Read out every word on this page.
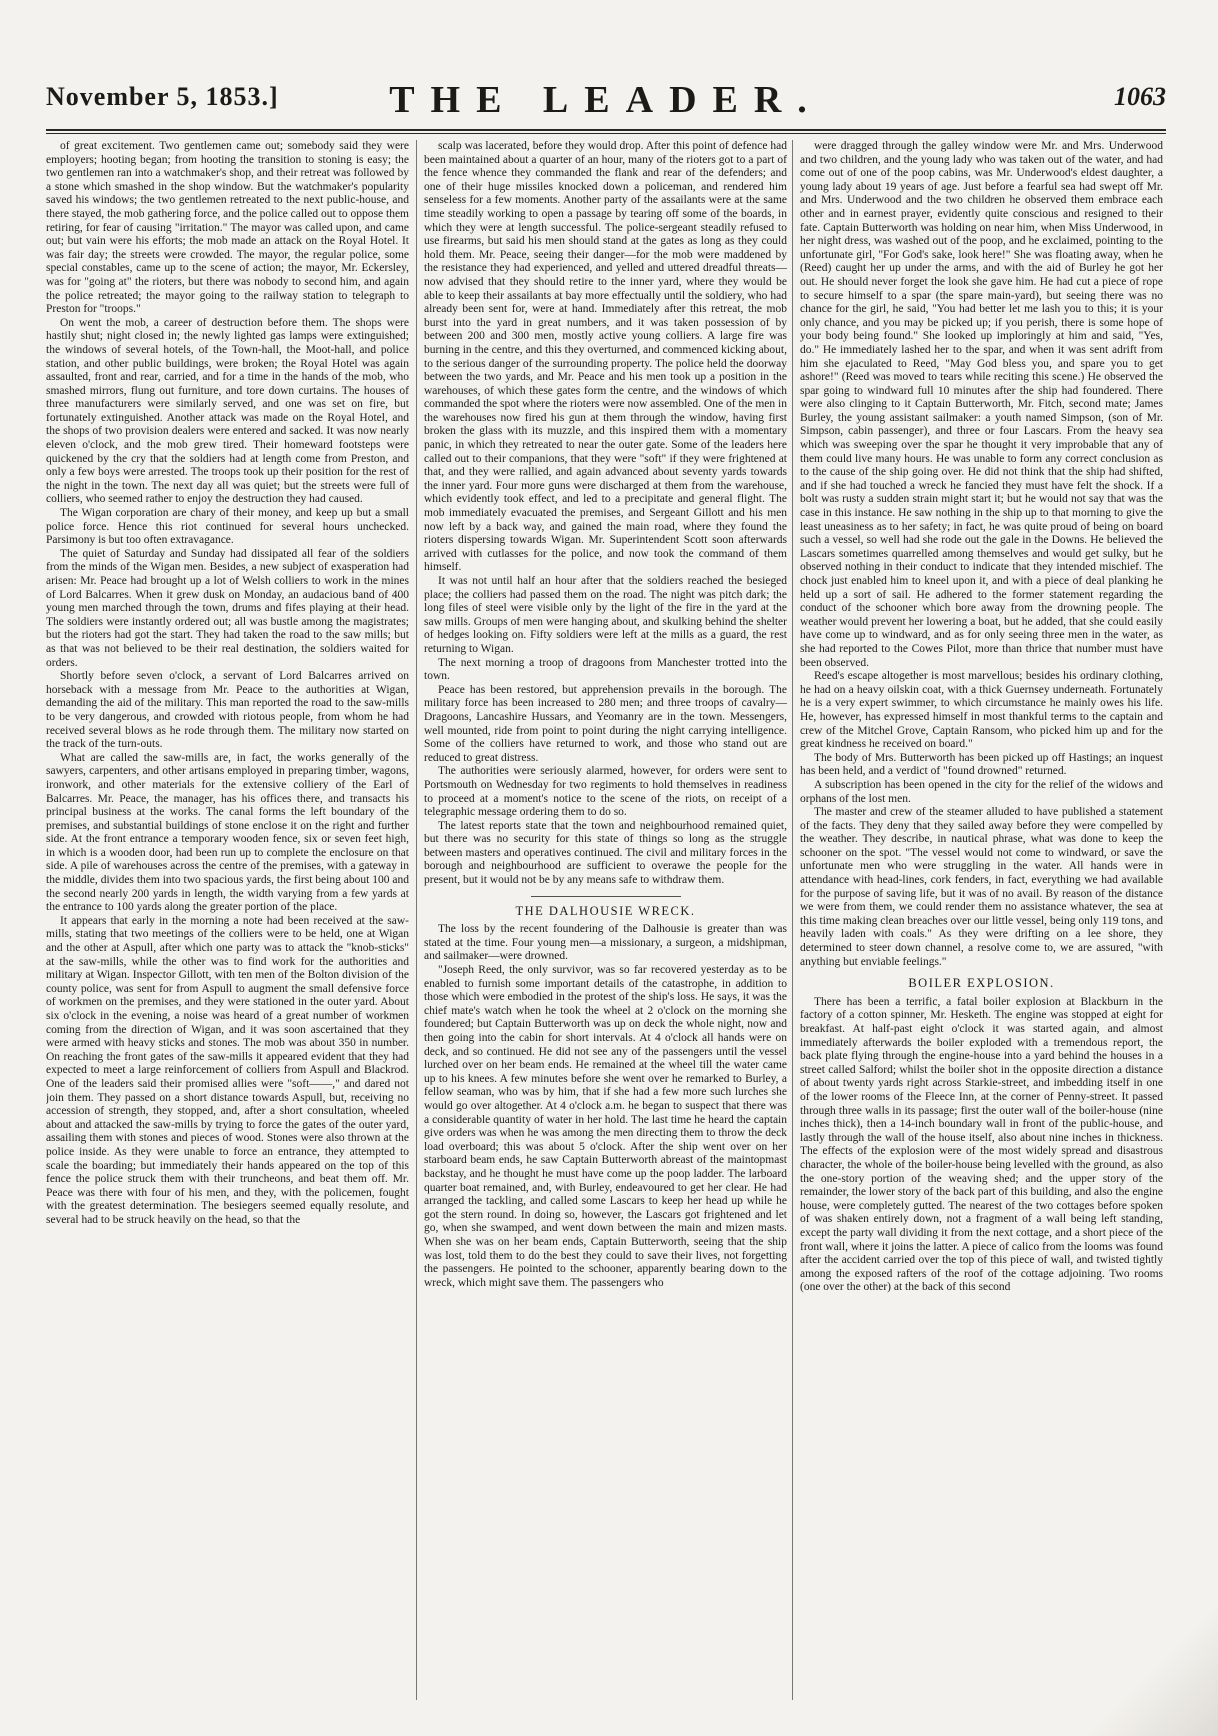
November 5, 1853.]	THE LEADER.	1063

of great excitement. Two gentlemen came out; somebody said they were employers; hooting began; from hooting the transition to stoning is easy; the two gentlemen ran into a watchmaker's shop, and their retreat was followed by a stone which smashed in the shop window. But the watchmaker's popularity saved his windows; the two gentlemen retreated to the next public-house, and there stayed, the mob gathering force, and the police called out to oppose them retiring, for fear of causing "irritation." The mayor was called upon, and came out; but vain were his efforts; the mob made an attack on the Royal Hotel. It was fair day; the streets were crowded. The mayor, the regular police, some special constables, came up to the scene of action; the mayor, Mr. Eckersley, was for "going at" the rioters, but there was nobody to second him, and again the police retreated; the mayor going to the railway station to telegraph to Preston for "troops."

On went the mob, a career of destruction before them. The shops were hastily shut; night closed in; the newly lighted gas lamps were extinguished; the windows of several hotels, of the Town-hall, the Moot-hall, and police station, and other public buildings, were broken; the Royal Hotel was again assaulted, front and rear, carried, and for a time in the hands of the mob, who smashed mirrors, flung out furniture, and tore down curtains. The houses of three manufacturers were similarly served, and one was set on fire, but fortunately extinguished. Another attack was made on the Royal Hotel, and the shops of two provision dealers were entered and sacked. It was now nearly eleven o'clock, and the mob grew tired. Their homeward footsteps were quickened by the cry that the soldiers had at length come from Preston, and only a few boys were arrested. The troops took up their position for the rest of the night in the town. The next day all was quiet; but the streets were full of colliers, who seemed rather to enjoy the destruction they had caused.

The Wigan corporation are chary of their money, and keep up but a small police force. Hence this riot continued for several hours unchecked. Parsimony is but too often extravagance.

The quiet of Saturday and Sunday had dissipated all fear of the soldiers from the minds of the Wigan men. Besides, a new subject of exasperation had arisen: Mr. Peace had brought up a lot of Welsh colliers to work in the mines of Lord Balcarres. When it grew dusk on Monday, an audacious band of 400 young men marched through the town, drums and fifes playing at their head. The soldiers were instantly ordered out; all was bustle among the magistrates; but the rioters had got the start. They had taken the road to the saw mills; but as that was not believed to be their real destination, the soldiers waited for orders.

Shortly before seven o'clock, a servant of Lord Balcarres arrived on horseback with a message from Mr. Peace to the authorities at Wigan, demanding the aid of the military. This man reported the road to the saw-mills to be very dangerous, and crowded with riotous people, from whom he had received several blows as he rode through them. The military now started on the track of the turn-outs.

What are called the saw-mills are, in fact, the works generally of the sawyers, carpenters, and other artisans employed in preparing timber, wagons, ironwork, and other materials for the extensive colliery of the Earl of Balcarres. Mr. Peace, the manager, has his offices there, and transacts his principal business at the works. The canal forms the left boundary of the premises, and substantial buildings of stone enclose it on the right and further side. At the front entrance a temporary wooden fence, six or seven feet high, in which is a wooden door, had been run up to complete the enclosure on that side. A pile of warehouses across the centre of the premises, with a gateway in the middle, divides them into two spacious yards, the first being about 100 and the second nearly 200 yards in length, the width varying from a few yards at the entrance to 100 yards along the greater portion of the place.

It appears that early in the morning a note had been received at the saw-mills, stating that two meetings of the colliers were to be held, one at Wigan and the other at Aspull, after which one party was to attack the "knob-sticks" at the saw-mills, while the other was to find work for the authorities and military at Wigan. Inspector Gillott, with ten men of the Bolton division of the county police, was sent for from Aspull to augment the small defensive force of workmen on the premises, and they were stationed in the outer yard. About six o'clock in the evening, a noise was heard of a great number of workmen coming from the direction of Wigan, and it was soon ascertained that they were armed with heavy sticks and stones. The mob was about 350 in number. On reaching the front gates of the saw-mills it appeared evident that they had expected to meet a large reinforcement of colliers from Aspull and Blackrod. One of the leaders said their promised allies were "soft——," and dared not join them. They passed on a short distance towards Aspull, but, receiving no accession of strength, they stopped, and, after a short consultation, wheeled about and attacked the saw-mills by trying to force the gates of the outer yard, assailing them with stones and pieces of wood. Stones were also thrown at the police inside. As they were unable to force an entrance, they attempted to scale the boarding; but immediately their hands appeared on the top of this fence the police struck them with their truncheons, and beat them off. Mr. Peace was there with four of his men, and they, with the policemen, fought with the greatest determination. The besiegers seemed equally resolute, and several had to be struck heavily on the head, so that the

scalp was lacerated, before they would drop. After this point of defence had been maintained about a quarter of an hour, many of the rioters got to a part of the fence whence they commanded the flank and rear of the defenders; and one of their huge missiles knocked down a policeman, and rendered him senseless for a few moments. Another party of the assailants were at the same time steadily working to open a passage by tearing off some of the boards, in which they were at length successful. The police-sergeant steadily refused to use firearms, but said his men should stand at the gates as long as they could hold them. Mr. Peace, seeing their danger—for the mob were maddened by the resistance they had experienced, and yelled and uttered dreadful threats—now advised that they should retire to the inner yard, where they would be able to keep their assailants at bay more effectually until the soldiery, who had already been sent for, were at hand. Immediately after this retreat, the mob burst into the yard in great numbers, and it was taken possession of by between 200 and 300 men, mostly active young colliers. A large fire was burning in the centre, and this they overturned, and commenced kicking about, to the serious danger of the surrounding property. The police held the doorway between the two yards, and Mr. Peace and his men took up a position in the warehouses, of which these gates form the centre, and the windows of which commanded the spot where the rioters were now assembled. One of the men in the warehouses now fired his gun at them through the window, having first broken the glass with its muzzle, and this inspired them with a momentary panic, in which they retreated to near the outer gate. Some of the leaders here called out to their companions, that they were "soft" if they were frightened at that, and they were rallied, and again advanced about seventy yards towards the inner yard. Four more guns were discharged at them from the warehouse, which evidently took effect, and led to a precipitate and general flight. The mob immediately evacuated the premises, and Sergeant Gillott and his men now left by a back way, and gained the main road, where they found the rioters dispersing towards Wigan. Mr. Superintendent Scott soon afterwards arrived with cutlasses for the police, and now took the command of them himself.

It was not until half an hour after that the soldiers reached the besieged place; the colliers had passed them on the road. The night was pitch dark; the long files of steel were visible only by the light of the fire in the yard at the saw mills. Groups of men were hanging about, and skulking behind the shelter of hedges looking on. Fifty soldiers were left at the mills as a guard, the rest returning to Wigan.

The next morning a troop of dragoons from Manchester trotted into the town.

Peace has been restored, but apprehension prevails in the borough. The military force has been increased to 280 men; and three troops of cavalry—Dragoons, Lancashire Hussars, and Yeomanry are in the town. Messengers, well mounted, ride from point to point during the night carrying intelligence. Some of the colliers have returned to work, and those who stand out are reduced to great distress.

The authorities were seriously alarmed, however, for orders were sent to Portsmouth on Wednesday for two regiments to hold themselves in readiness to proceed at a moment's notice to the scene of the riots, on receipt of a telegraphic message ordering them to do so.

The latest reports state that the town and neighbourhood remained quiet, but there was no security for this state of things so long as the struggle between masters and operatives continued. The civil and military forces in the borough and neighbourhood are sufficient to overawe the people for the present, but it would not be by any means safe to withdraw them.

THE DALHOUSIE WRECK.

The loss by the recent foundering of the Dalhousie is greater than was stated at the time. Four young men—a missionary, a surgeon, a midshipman, and sailmaker—were drowned.

"Joseph Reed, the only survivor, was so far recovered yesterday as to be enabled to furnish some important details of the catastrophe, in addition to those which were embodied in the protest of the ship's loss. He says, it was the chief mate's watch when he took the wheel at 2 o'clock on the morning she foundered; but Captain Butterworth was up on deck the whole night, now and then going into the cabin for short intervals. At 4 o'clock all hands were on deck, and so continued. He did not see any of the passengers until the vessel lurched over on her beam ends. He remained at the wheel till the water came up to his knees. A few minutes before she went over he remarked to Burley, a fellow seaman, who was by him, that if she had a few more such lurches she would go over altogether. At 4 o'clock a.m. he began to suspect that there was a considerable quantity of water in her hold. The last time he heard the captain give orders was when he was among the men directing them to throw the deck load overboard; this was about 5 o'clock. After the ship went over on her starboard beam ends, he saw Captain Butterworth abreast of the maintopmast backstay, and he thought he must have come up the poop ladder. The larboard quarter boat remained, and, with Burley, endeavoured to get her clear. He had arranged the tackling, and called some Lascars to keep her head up while he got the stern round. In doing so, however, the Lascars got frightened and let go, when she swamped, and went down between the main and mizen masts. When she was on her beam ends, Captain Butterworth, seeing that the ship was lost, told them to do the best they could to save their lives, not forgetting the passengers. He pointed to the schooner, apparently bearing down to the wreck, which might save them. The passengers who

were dragged through the galley window were Mr. and Mrs. Underwood and two children, and the young lady who was taken out of the water, and had come out of one of the poop cabins, was Mr. Underwood's eldest daughter, a young lady about 19 years of age. Just before a fearful sea had swept off Mr. and Mrs. Underwood and the two children he observed them embrace each other and in earnest prayer, evidently quite conscious and resigned to their fate. Captain Butterworth was holding on near him, when Miss Underwood, in her night dress, was washed out of the poop, and he exclaimed, pointing to the unfortunate girl, "For God's sake, look here!" She was floating away, when he (Reed) caught her up under the arms, and with the aid of Burley he got her out. He should never forget the look she gave him. He had cut a piece of rope to secure himself to a spar (the spare main-yard), but seeing there was no chance for the girl, he said, "You had better let me lash you to this; it is your only chance, and you may be picked up; if you perish, there is some hope of your body being found." She looked up imploringly at him and said, "Yes, do." He immediately lashed her to the spar, and when it was sent adrift from him she ejaculated to Reed, "May God bless you, and spare you to get ashore!" (Reed was moved to tears while reciting this scene.) He observed the spar going to windward full 10 minutes after the ship had foundered. There were also clinging to it Captain Butterworth, Mr. Fitch, second mate; James Burley, the young assistant sailmaker: a youth named Simpson, (son of Mr. Simpson, cabin passenger), and three or four Lascars. From the heavy sea which was sweeping over the spar he thought it very improbable that any of them could live many hours. He was unable to form any correct conclusion as to the cause of the ship going over. He did not think that the ship had shifted, and if she had touched a wreck he fancied they must have felt the shock. If a bolt was rusty a sudden strain might start it; but he would not say that was the case in this instance. He saw nothing in the ship up to that morning to give the least uneasiness as to her safety; in fact, he was quite proud of being on board such a vessel, so well had she rode out the gale in the Downs. He believed the Lascars sometimes quarrelled among themselves and would get sulky, but he observed nothing in their conduct to indicate that they intended mischief. The chock just enabled him to kneel upon it, and with a piece of deal planking he held up a sort of sail. He adhered to the former statement regarding the conduct of the schooner which bore away from the drowning people. The weather would prevent her lowering a boat, but he added, that she could easily have come up to windward, and as for only seeing three men in the water, as she had reported to the Cowes Pilot, more than thrice that number must have been observed.

Reed's escape altogether is most marvellous; besides his ordinary clothing, he had on a heavy oilskin coat, with a thick Guernsey underneath. Fortunately he is a very expert swimmer, to which circumstance he mainly owes his life. He, however, has expressed himself in most thankful terms to the captain and crew of the Mitchel Grove, Captain Ransom, who picked him up and for the great kindness he received on board."

The body of Mrs. Butterworth has been picked up off Hastings; an inquest has been held, and a verdict of "found drowned" returned.

A subscription has been opened in the city for the relief of the widows and orphans of the lost men.

The master and crew of the steamer alluded to have published a statement of the facts. They deny that they sailed away before they were compelled by the weather. They describe, in nautical phrase, what was done to keep the schooner on the spot. "The vessel would not come to windward, or save the unfortunate men who were struggling in the water. All hands were in attendance with head-lines, cork fenders, in fact, everything we had available for the purpose of saving life, but it was of no avail. By reason of the distance we were from them, we could render them no assistance whatever, the sea at this time making clean breaches over our little vessel, being only 119 tons, and heavily laden with coals." As they were drifting on a lee shore, they determined to steer down channel, a resolve come to, we are assured, "with anything but enviable feelings."

BOILER EXPLOSION.

There has been a terrific, a fatal boiler explosion at Blackburn in the factory of a cotton spinner, Mr. Hesketh. The engine was stopped at eight for breakfast. At half-past eight o'clock it was started again, and almost immediately afterwards the boiler exploded with a tremendous report, the back plate flying through the engine-house into a yard behind the houses in a street called Salford; whilst the boiler shot in the opposite direction a distance of about twenty yards right across Starkie-street, and imbedding itself in one of the lower rooms of the Fleece Inn, at the corner of Penny-street. It passed through three walls in its passage; first the outer wall of the boiler-house (nine inches thick), then a 14-inch boundary wall in front of the public-house, and lastly through the wall of the house itself, also about nine inches in thickness. The effects of the explosion were of the most widely spread and disastrous character, the whole of the boiler-house being levelled with the ground, as also the one-story portion of the weaving shed; and the upper story of the remainder, the lower story of the back part of this building, and also the engine house, were completely gutted. The nearest of the two cottages before spoken of was shaken entirely down, not a fragment of a wall being left standing, except the party wall dividing it from the next cottage, and a short piece of the front wall, where it joins the latter. A piece of calico from the looms was found after the accident carried over the top of this piece of wall, and twisted tightly among the exposed rafters of the roof of the cottage adjoining. Two rooms (one over the other) at the back of this second
